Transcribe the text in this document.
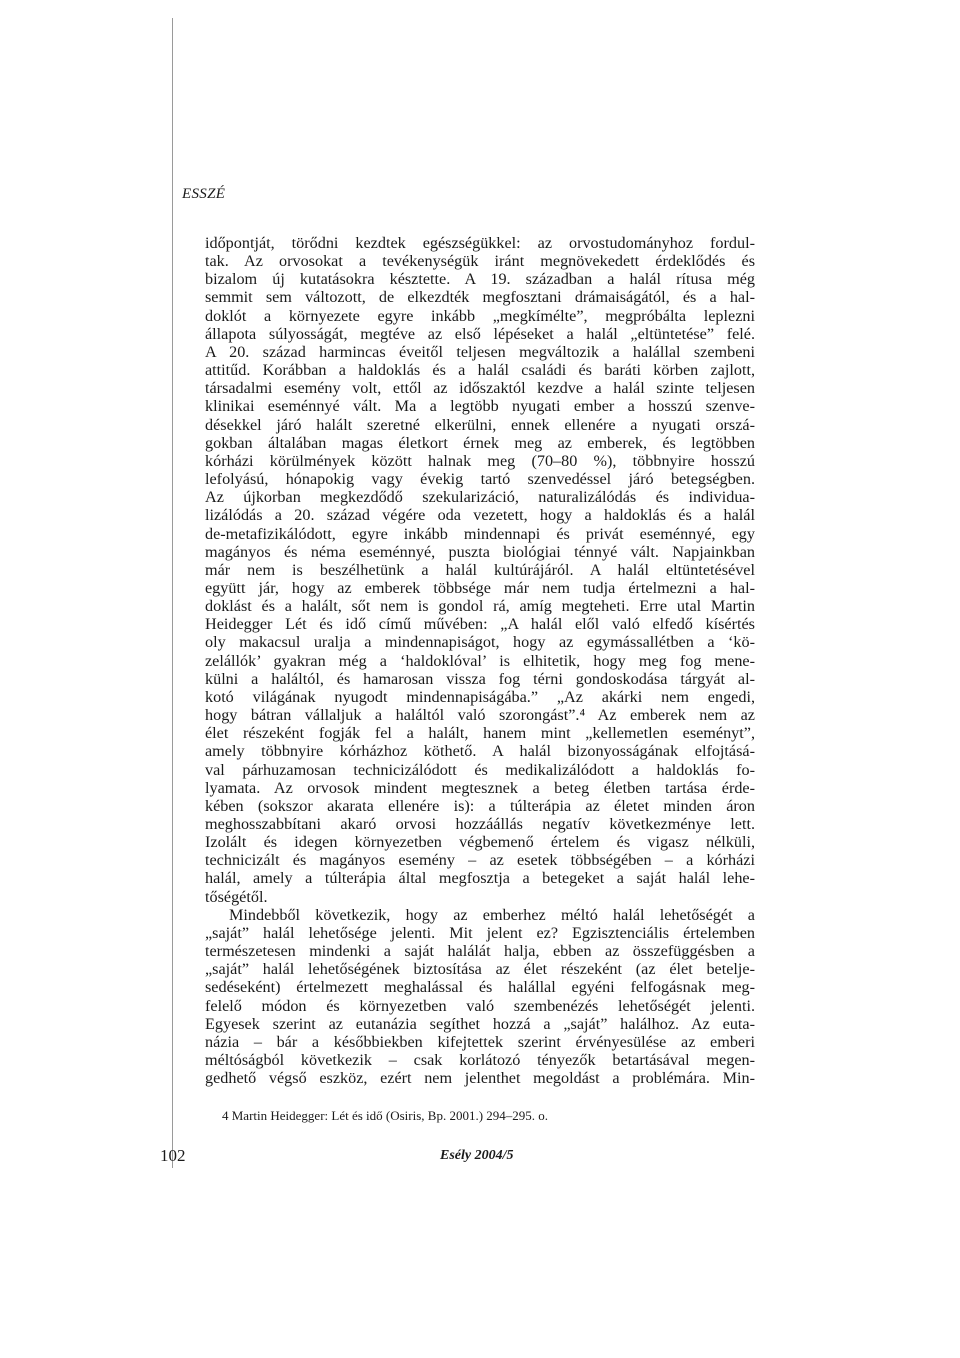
ESSZÉ
időpontját, törődni kezdtek egészségükkel: az orvostudományhoz fordul-
tak. Az orvosokat a tevékenységük iránt megnövekedett érdeklődés és
bizalom új kutatásokra késztette. A 19. században a halál rítusa még
semmit sem változott, de elkezdték megfosztani drámaiságától, és a hal-
doklót a környezete egyre inkább „megkímélte”, megpróbálta leplezni
állapota súlyosságát, megtéve az első lépéseket a halál „eltüntetése” felé.
A 20. század harmincas éveitől teljesen megváltozik a halállal szembeni
attitűd. Korábban a haldoklás és a halál családi és baráti körben zajlott,
társadalmi esemény volt, ettől az időszaktól kezdve a halál szinte teljesen
klinikai eseménnyé vált. Ma a legtöbb nyugati ember a hosszú szenve-
désekkel járó halált szeretné elkerülni, ennek ellenére a nyugati orszá-
gokban általában magas életkort érnek meg az emberek, és legtöbben
kórházi körülmények között halnak meg (70–80 %), többnyire hosszú
lefolyású, hónapokig vagy évekig tartó szenvedéssel járó betegségben.
Az újkorban megkezdődő szekularizáció, naturalizálódás és individua-
lizálódás a 20. század végére oda vezetett, hogy a haldoklás és a halál
de-metafizikálódott, egyre inkább mindennapi és privát eseménnyé, egy
magányos és néma eseménnyé, puszta biológiai ténnyé vált. Napjainkban
már nem is beszélhetünk a halál kultúrájáról. A halál eltüntetésével
együtt jár, hogy az emberek többsége már nem tudja értelmezni a hal-
doklást és a halált, sőt nem is gondol rá, amíg megteheti. Erre utal Martin
Heidegger Lét és idő című művében: „A halál elől való elfedő kísértés
oly makacsul uralja a mindennapiságot, hogy az egymássallétben a ‘kö-
zelállók’ gyakran még a ‘haldoklóval’ is elhitetik, hogy meg fog mene-
külni a haláltól, és hamarosan vissza fog térni gondoskodása tárgyát al-
kotó világának nyugodt mindennapiságába.” „Az akárki nem engedi,
hogy bátran vállaljuk a haláltól való szorongást”.⁴ Az emberek nem az
élet részeként fogják fel a halált, hanem mint „kellemetlen eseményt”,
amely többnyire kórházhoz köthető. A halál bizonyosságának elfojtásá-
val párhuzamosan technicizálódott és medikalizálódott a haldoklás fo-
lyamata. Az orvosok mindent megtesznek a beteg életben tartása érde-
kében (sokszor akarata ellenére is): a túlterápia az életet minden áron
meghosszabbítani akaró orvosi hozzáállás negatív következménye lett.
Izolált és idegen környezetben végbemenő értelem és vigasz nélküli,
technicizált és magányos esemény – az esetek többségében – a kórházi
halál, amely a túlterápia által megfosztja a betegeket a saját halál lehe-
tőségétől.
Mindebből következik, hogy az emberhez méltó halál lehetőségét a
„saját” halál lehetősége jelenti. Mit jelent ez? Egzisztenciális értelemben
természetesen mindenki a saját halálát halja, ebben az összefüggésben a
„saját” halál lehetőségének biztosítása az élet részeként (az élet betelje-
sedéseként) értelmezett meghalással és halállal egyéni felfogásnak meg-
felelő módon és környezetben való szembenézés lehetőségét jelenti.
Egyesek szerint az eutanázia segíthet hozzá a „saját” halálhoz. Az euta-
názia – bár a későbbiekben kifejtettek szerint érvényesülése az emberi
méltóságból következik – csak korlátozó tényezők betartásával megen-
gedhető végső eszköz, ezért nem jelenthet megoldást a problémára. Min-
4 Martin Heidegger: Lét és idő (Osiris, Bp. 2001.) 294–295. o.
102	Esély 2004/5
